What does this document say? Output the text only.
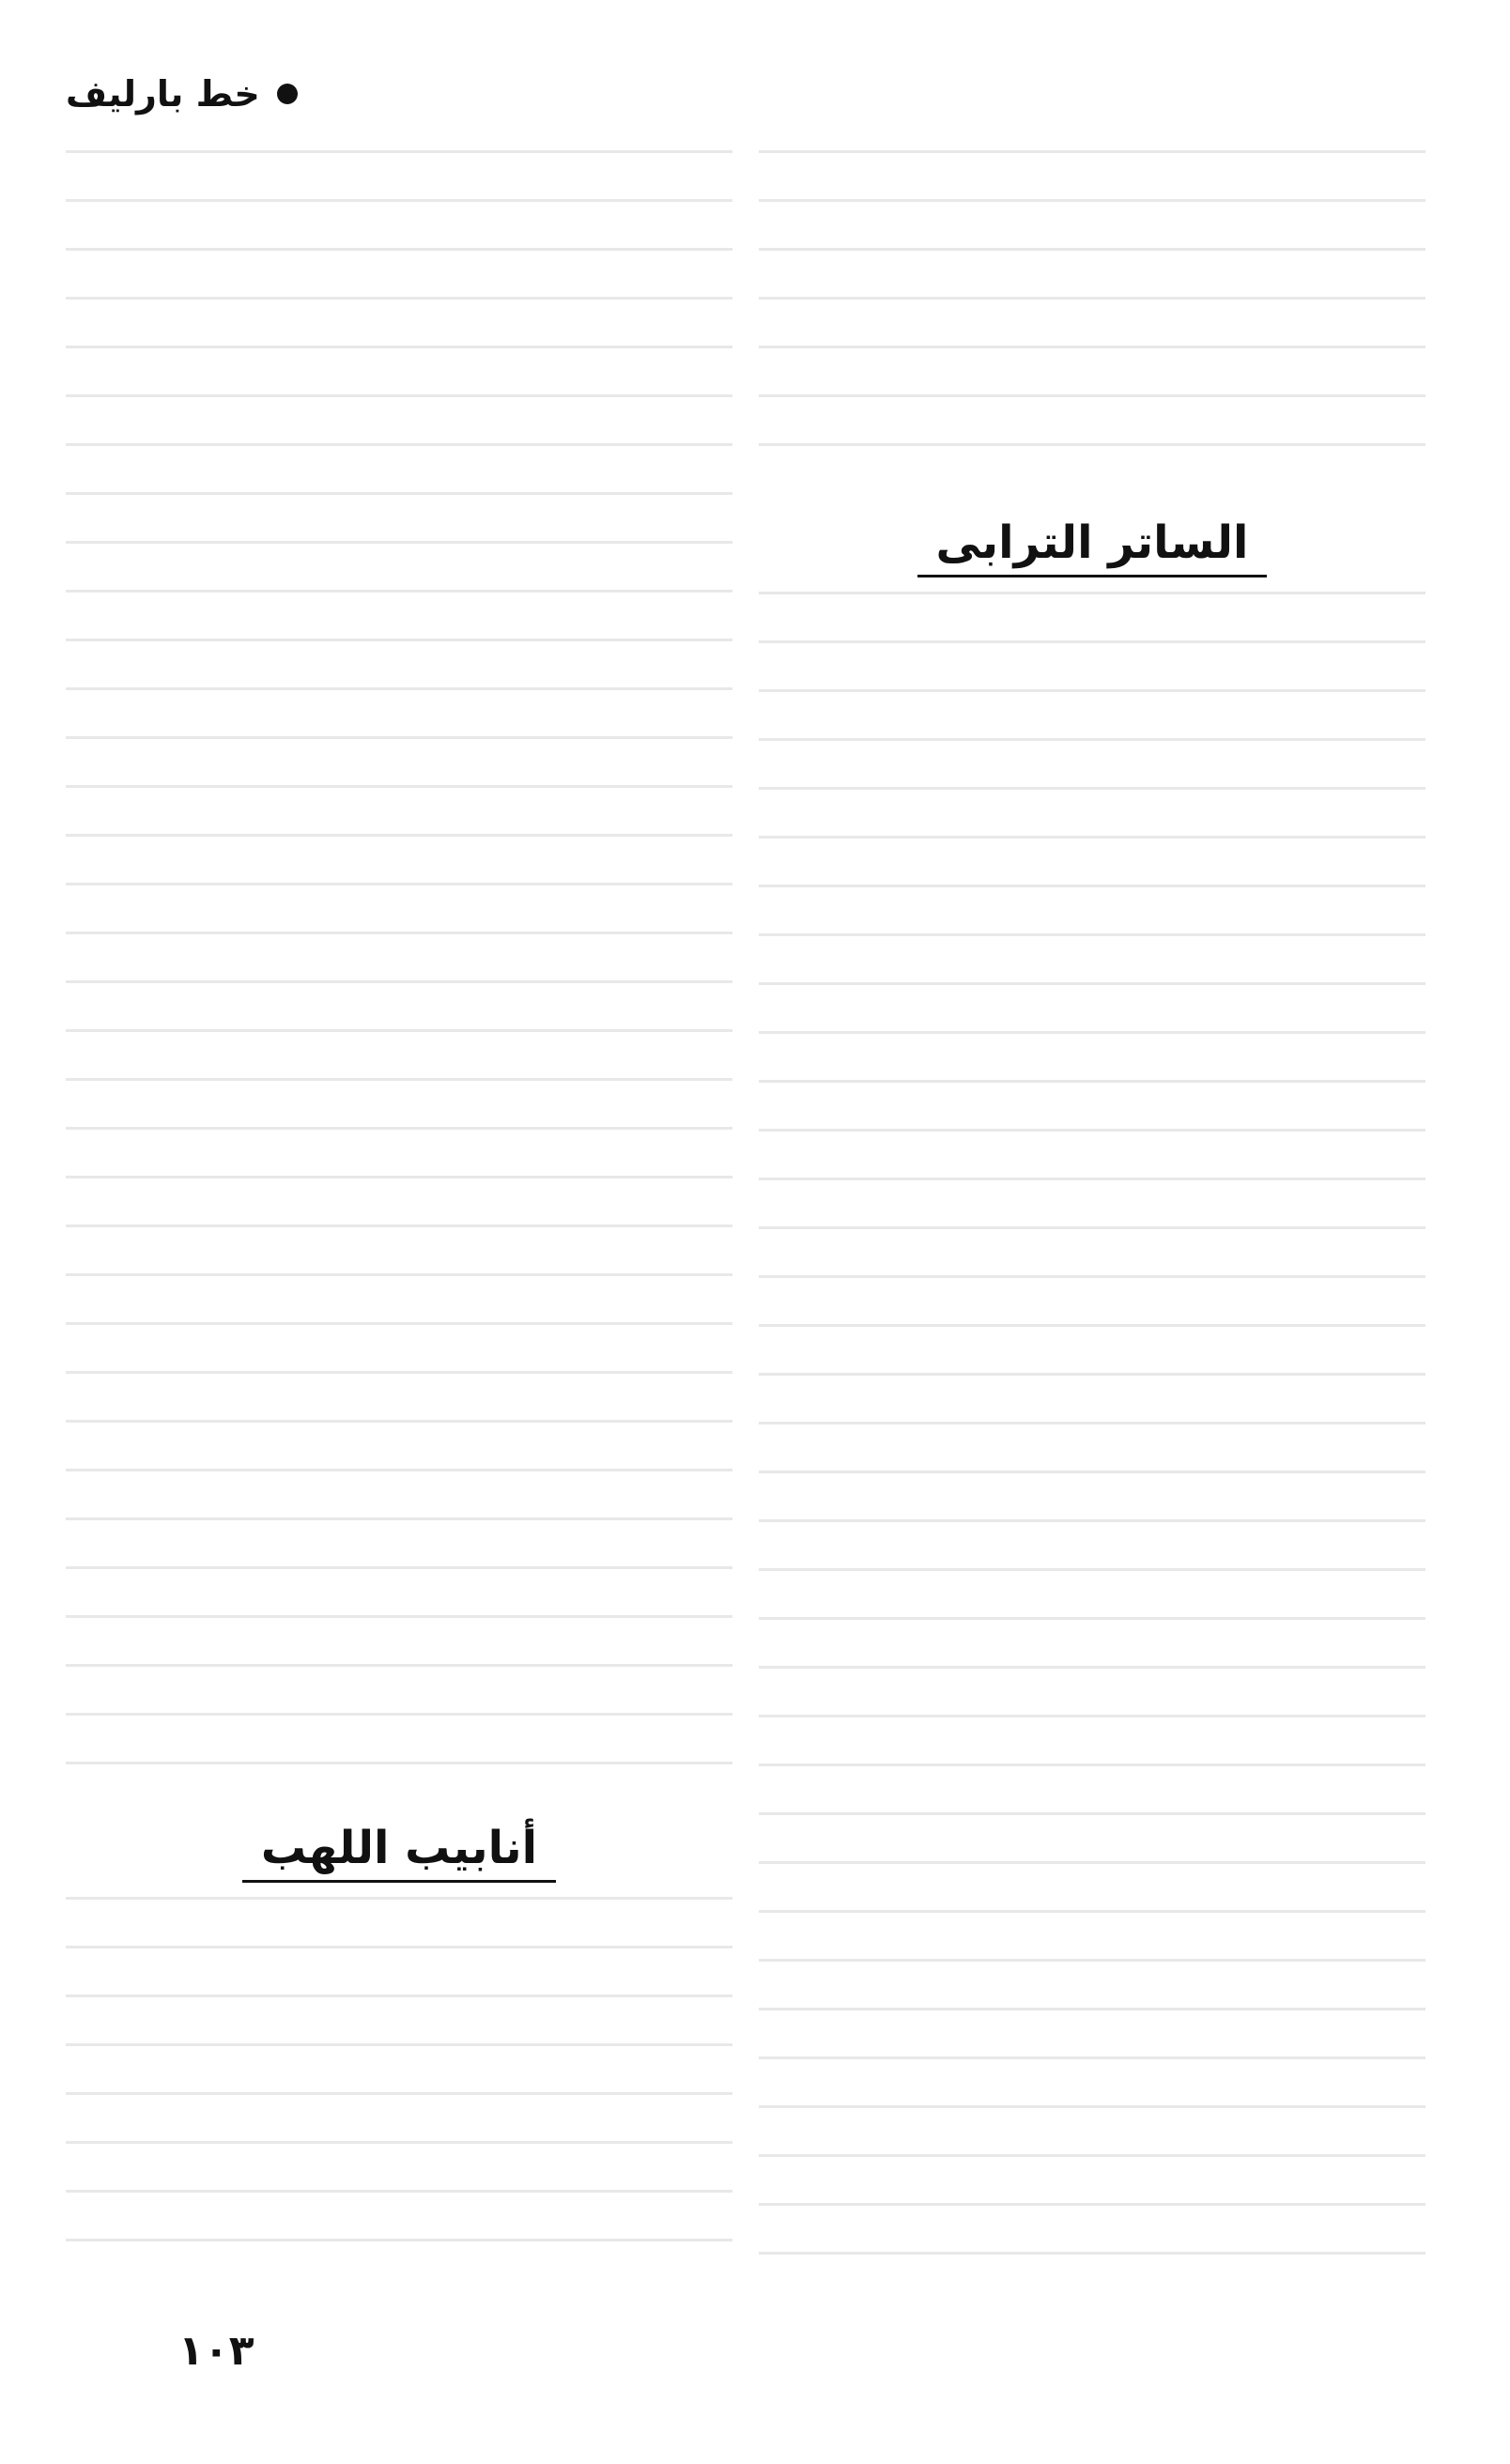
خط بارليف
الساتر الترابى
أنابيب اللهب
١٠٣
